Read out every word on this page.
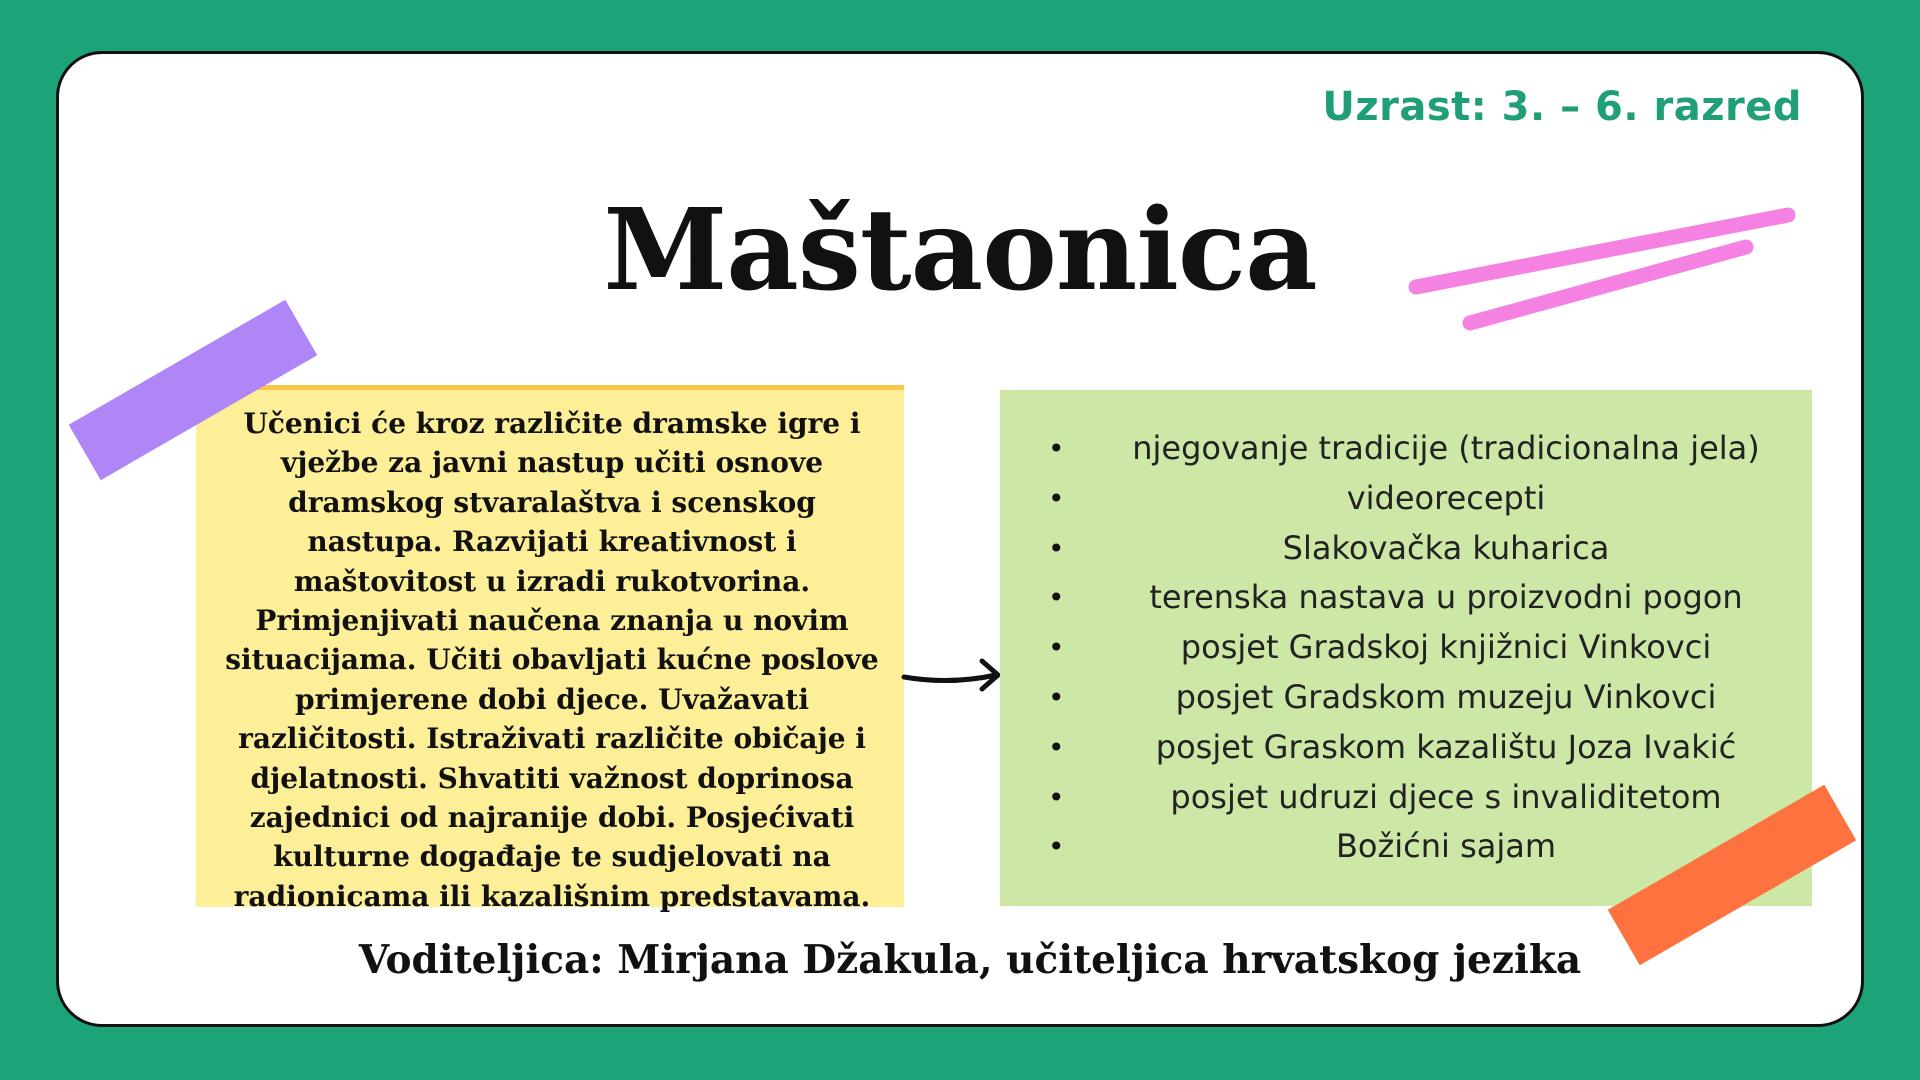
Uzrast: 3. – 6. razred
Maštaonica
Učenici će kroz različite dramske igre i vježbe za javni nastup učiti osnove dramskog stvaralaštva i scenskog nastupa. Razvijati kreativnost i maštovitost u izradi rukotvorina. Primjenjivati naučena znanja u novim situacijama. Učiti obavljati kućne poslove primjerene dobi djece. Uvažavati različitosti. Istraživati različite običaje i djelatnosti. Shvatiti važnost doprinosa zajednici od najranije dobi. Posjećivati kulturne događaje te sudjelovati na radionicama ili kazališnim predstavama.
• njegovanje tradicije (tradicionalna jela)
•	videorecepti
•	Slakovačka kuharica
•	terenska nastava u proizvodni pogon
•	posjet Gradskoj knjižnici Vinkovci
•	posjet Gradskom muzeju Vinkovci
•	posjet Graskom kazalištu Joza Ivakić
•	posjet udruzi djece s invaliditetom
•	Božićni sajam
Voditeljica: Mirjana Džakula, učiteljica hrvatskog jezika
